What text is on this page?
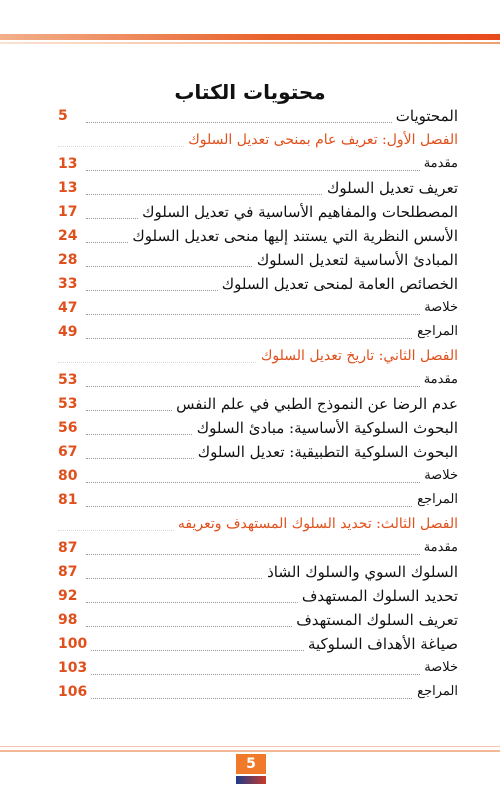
محتويات الكتاب
المحتويات
5
الفصل الأول: تعريف عام بمنحى تعديل السلوك
مقدمة
13
تعريف تعديل السلوك
13
المصطلحات والمفاهيم الأساسية في تعديل السلوك
17
الأسس النظرية التي يستند إليها منحى تعديل السلوك
24
المبادئ الأساسية لتعديل السلوك
28
الخصائص العامة لمنحى تعديل السلوك
33
خلاصة
47
المراجع
49
الفصل الثاني: تاريخ تعديل السلوك
مقدمة
53
عدم الرضا عن النموذج الطبي في علم النفس
53
البحوث السلوكية الأساسية: مبادئ السلوك
56
البحوث السلوكية التطبيقية: تعديل السلوك
67
خلاصة
80
المراجع
81
الفصل الثالث: تحديد السلوك المستهدف وتعريفه
مقدمة
87
السلوك السوي والسلوك الشاذ
87
تحديد السلوك المستهدف
92
تعريف السلوك المستهدف
98
صياغة الأهداف السلوكية
100
خلاصة
103
المراجع
106
5
